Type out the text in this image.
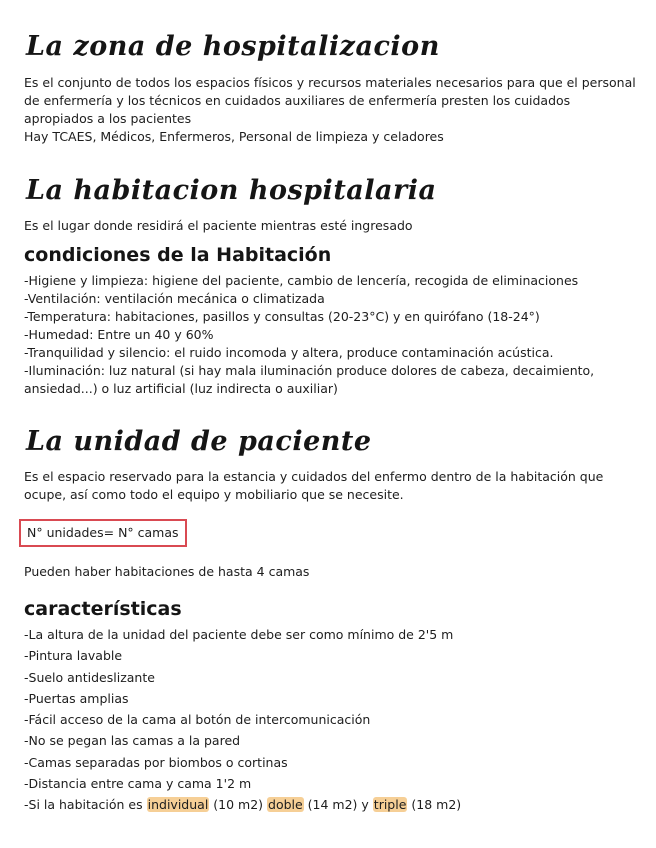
La zona de hospitalizacion
Es el conjunto de todos los espacios físicos y recursos materiales necesarios para que el personal
de enfermería y los técnicos en cuidados auxiliares de enfermería presten los cuidados
apropiados a los pacientes
Hay TCAES, Médicos, Enfermeros, Personal de limpieza y celadores
La habitacion hospitalaria
Es el lugar donde residirá el paciente mientras esté ingresado
condiciones de la Habitación
-Higiene y limpieza: higiene del paciente, cambio de lencería, recogida de eliminaciones
-Ventilación: ventilación mecánica o climatizada
-Temperatura: habitaciones, pasillos y consultas (20-23°C) y en quirófano (18-24°)
-Humedad: Entre un 40 y 60%
-Tranquilidad y silencio: el ruido incomoda y altera, produce contaminación acústica.
-Iluminación: luz natural (si hay mala iluminación produce dolores de cabeza, decaimiento,
ansiedad...) o luz artificial (luz indirecta o auxiliar)
La unidad de paciente
Es el espacio reservado para la estancia y cuidados del enfermo dentro de la habitación que
ocupe, así como todo el equipo y mobiliario que se necesite.
N° unidades= N° camas
Pueden haber habitaciones de hasta 4 camas
características
-La altura de la unidad del paciente debe ser como mínimo de 2'5 m
-Pintura lavable
-Suelo antideslizante
-Puertas amplias
-Fácil acceso de la cama al botón de intercomunicación
-No se pegan las camas a la pared
-Camas separadas por biombos o cortinas
-Distancia entre cama y cama 1'2 m
-Si la habitación es individual (10 m2) doble (14 m2) y triple (18 m2)
